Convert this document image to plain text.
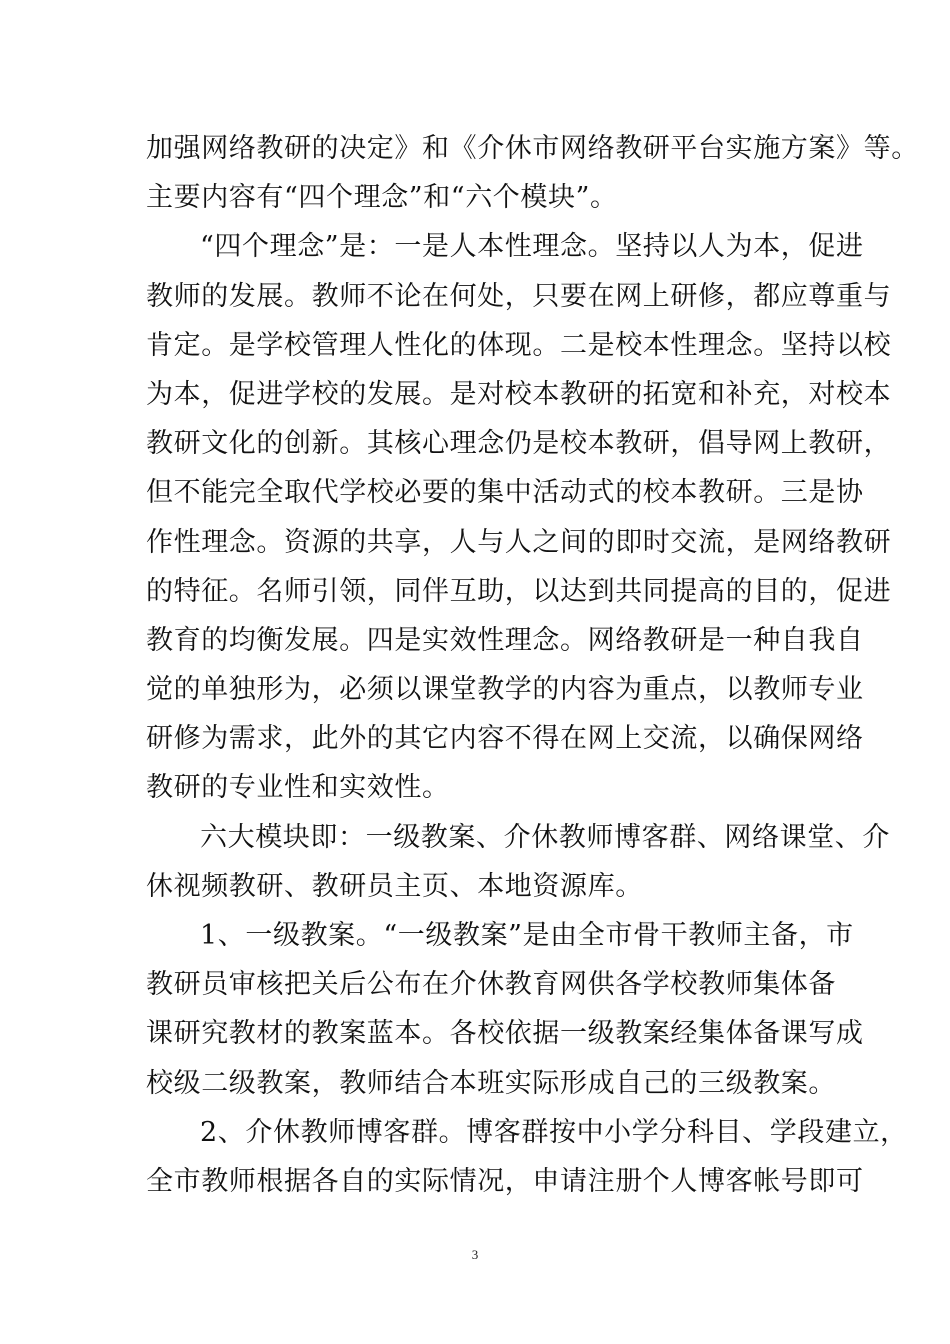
加强网络教研的决定》和《介休市网络教研平台实施方案》等。
主要内容有“四个理念”和“六个模块”。
“四个理念”是：一是人本性理念。坚持以人为本，促进
教师的发展。教师不论在何处，只要在网上研修，都应尊重与
肯定。是学校管理人性化的体现。二是校本性理念。坚持以校
为本，促进学校的发展。是对校本教研的拓宽和补充，对校本
教研文化的创新。其核心理念仍是校本教研，倡导网上教研，
但不能完全取代学校必要的集中活动式的校本教研。三是协
作性理念。资源的共享，人与人之间的即时交流，是网络教研
的特征。名师引领，同伴互助，以达到共同提高的目的，促进
教育的均衡发展。四是实效性理念。网络教研是一种自我自
觉的单独形为，必须以课堂教学的内容为重点，以教师专业
研修为需求，此外的其它内容不得在网上交流，以确保网络
教研的专业性和实效性。
六大模块即：一级教案、介休教师博客群、网络课堂、介
休视频教研、教研员主页、本地资源库。
1、一级教案。“一级教案”是由全市骨干教师主备，市
教研员审核把关后公布在介休教育网供各学校教师集体备
课研究教材的教案蓝本。各校依据一级教案经集体备课写成
校级二级教案，教师结合本班实际形成自己的三级教案。
2、介休教师博客群。博客群按中小学分科目、学段建立，
全市教师根据各自的实际情况，申请注册个人博客帐号即可
3
